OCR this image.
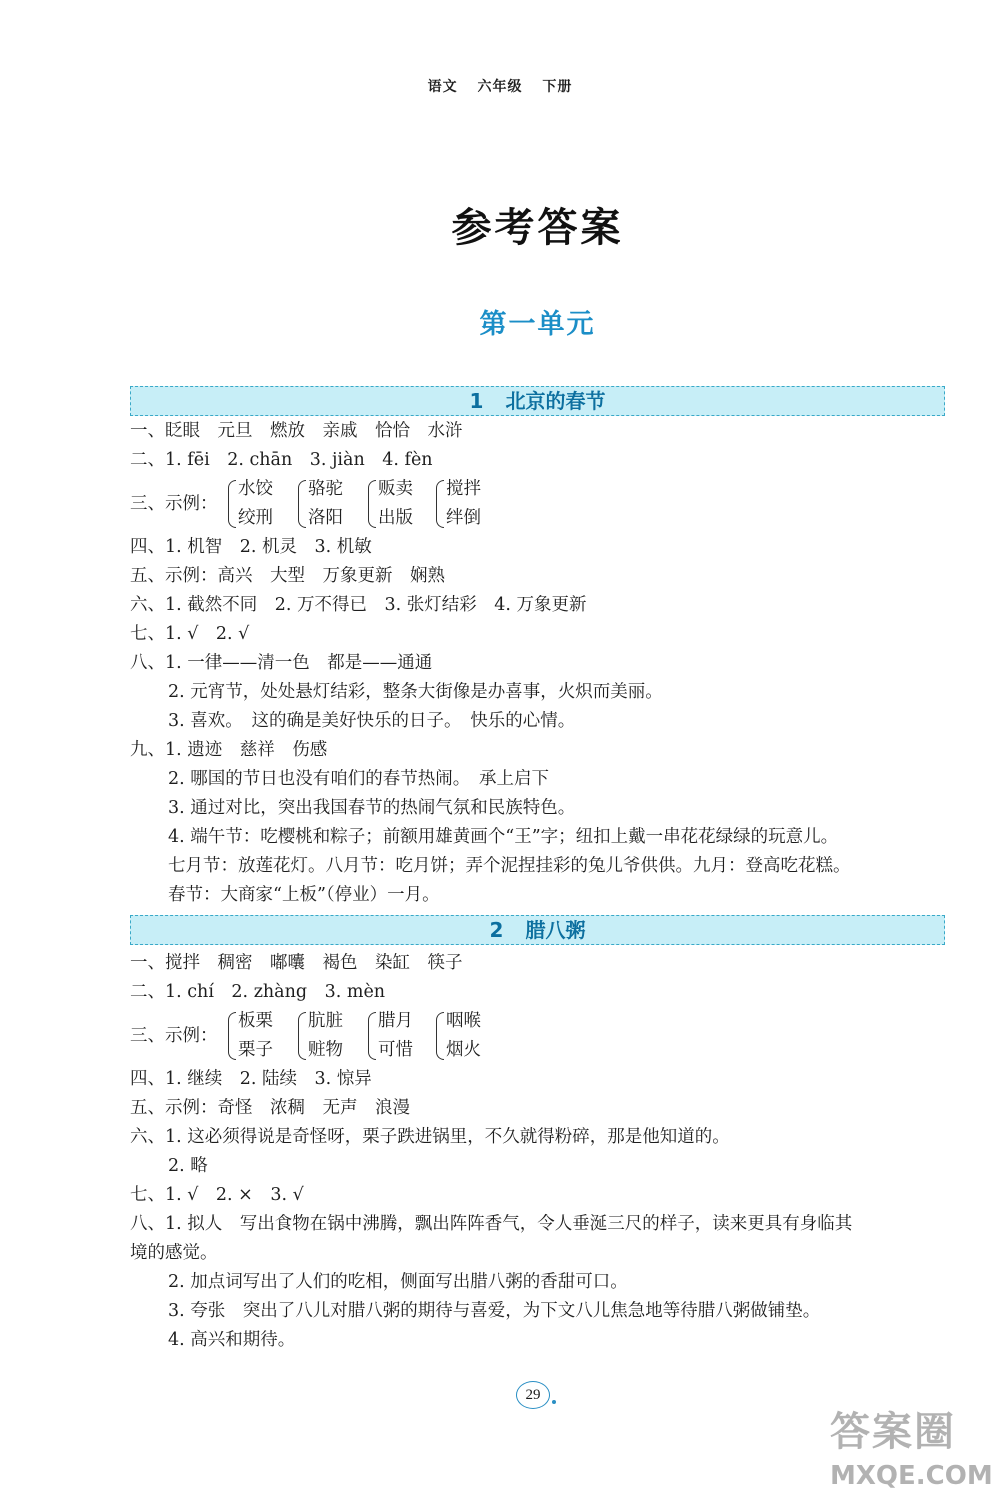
语文 六年级 下册
参考答案
第一单元
1 北京的春节
一、眨眼　元旦　燃放　亲戚　恰恰　水浒
二、1. fēi　2. chān　3. jiàn　4. fèn
三、示例：
水饺
绞刑
骆驼
洛阳
贩卖
出版
搅拌
绊倒
四、1. 机智　2. 机灵　3. 机敏
五、示例：高兴　大型　万象更新　娴熟
六、1. 截然不同　2. 万不得已　3. 张灯结彩　4. 万象更新
七、1. √　2. √
八、1. 一律——清一色　都是——通通
2. 元宵节，处处悬灯结彩，整条大街像是办喜事，火炽而美丽。
3. 喜欢。　这的确是美好快乐的日子。　快乐的心情。
九、1. 遗迹　慈祥　伤感
2. 哪国的节日也没有咱们的春节热闹。　承上启下
3. 通过对比，突出我国春节的热闹气氛和民族特色。
4. 端午节：吃樱桃和粽子；前额用雄黄画个“王”字；纽扣上戴一串花花绿绿的玩意儿。
七月节：放莲花灯。八月节：吃月饼；弄个泥捏挂彩的兔儿爷供供。九月：登高吃花糕。
春节：大商家“上板”（停业）一月。
2 腊八粥
一、搅拌　稠密　嘟囔　褐色　染缸　筷子
二、1. chí　2. zhàng　3. mèn
三、示例：
板栗
栗子
肮脏
赃物
腊月
可惜
咽喉
烟火
四、1. 继续　2. 陆续　3. 惊异
五、示例：奇怪　浓稠　无声　浪漫
六、1. 这必须得说是奇怪呀，栗子跌进锅里，不久就得粉碎，那是他知道的。
2. 略
七、1. √　2. ×　3. √
八、1. 拟人　写出食物在锅中沸腾，飘出阵阵香气，令人垂涎三尺的样子，读来更具有身临其
境的感觉。
2. 加点词写出了人们的吃相，侧面写出腊八粥的香甜可口。
3. 夸张　突出了八儿对腊八粥的期待与喜爱，为下文八儿焦急地等待腊八粥做铺垫。
4. 高兴和期待。
29
答案圈
MXQE.COM
